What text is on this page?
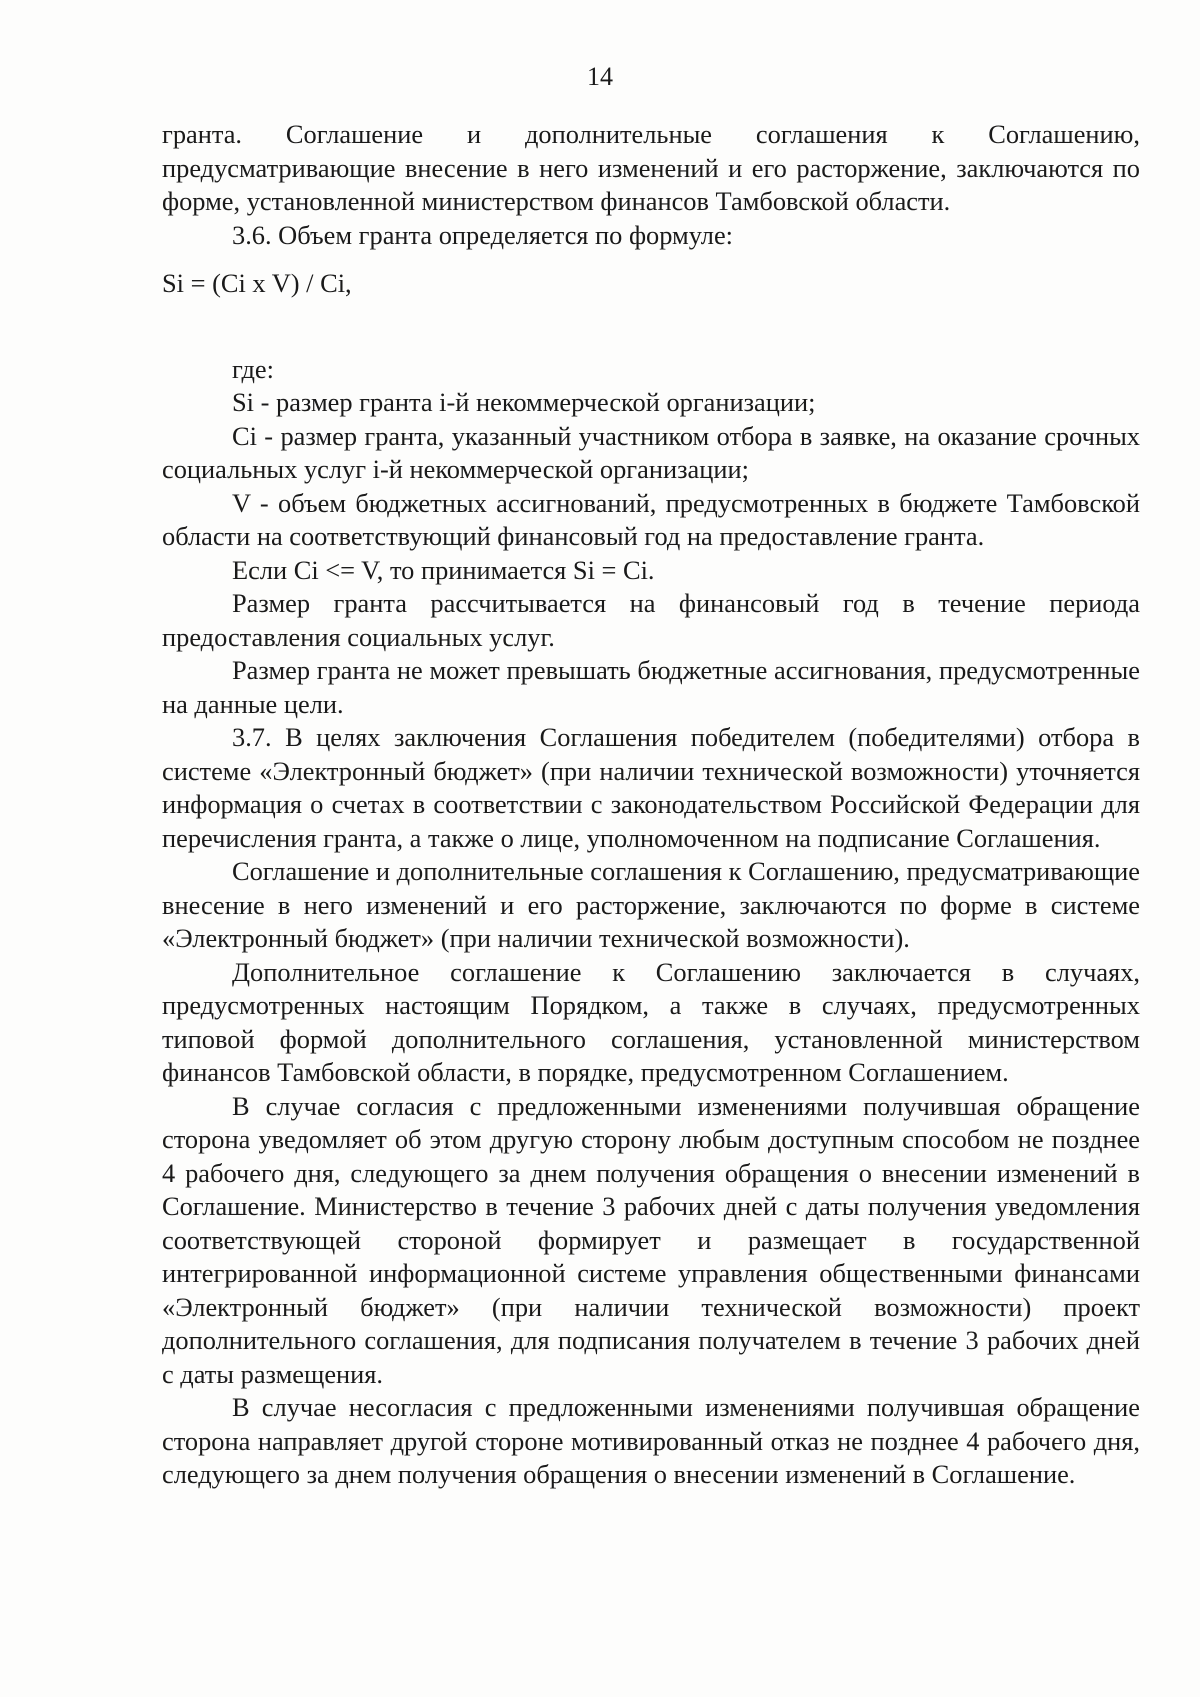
14

гранта. Соглашение и дополнительные соглашения к Соглашению, предусматривающие внесение в него изменений и его расторжение, заключаются по форме, установленной министерством финансов Тамбовской области.

3.6. Объем гранта определяется по формуле:

Si = (Ci x V) / Ci,

где:

Si - размер гранта i-й некоммерческой организации;

Ci - размер гранта, указанный участником отбора в заявке, на оказание срочных социальных услуг i-й некоммерческой организации;

V - объем бюджетных ассигнований, предусмотренных в бюджете Тамбовской области на соответствующий финансовый год на предоставление гранта.

Если Ci <= V, то принимается Si = Ci.

Размер гранта рассчитывается на финансовый год в течение периода предоставления социальных услуг.

Размер гранта не может превышать бюджетные ассигнования, предусмотренные на данные цели.

3.7. В целях заключения Соглашения победителем (победителями) отбора в системе «Электронный бюджет» (при наличии технической возможности) уточняется информация о счетах в соответствии с законодательством Российской Федерации для перечисления гранта, а также о лице, уполномоченном на подписание Соглашения.

Соглашение и дополнительные соглашения к Соглашению, предусматривающие внесение в него изменений и его расторжение, заключаются по форме в системе «Электронный бюджет» (при наличии технической возможности).

Дополнительное соглашение к Соглашению заключается в случаях, предусмотренных настоящим Порядком, а также в случаях, предусмотренных типовой формой дополнительного соглашения, установленной министерством финансов Тамбовской области, в порядке, предусмотренном Соглашением.

В случае согласия с предложенными изменениями получившая обращение сторона уведомляет об этом другую сторону любым доступным способом не позднее 4 рабочего дня, следующего за днем получения обращения о внесении изменений в Соглашение. Министерство в течение 3 рабочих дней с даты получения уведомления соответствующей стороной формирует и размещает в государственной интегрированной информационной системе управления общественными финансами «Электронный бюджет» (при наличии технической возможности) проект дополнительного соглашения, для подписания получателем в течение 3 рабочих дней с даты размещения.

В случае несогласия с предложенными изменениями получившая обращение сторона направляет другой стороне мотивированный отказ не позднее 4 рабочего дня, следующего за днем получения обращения о внесении изменений в Соглашение.
